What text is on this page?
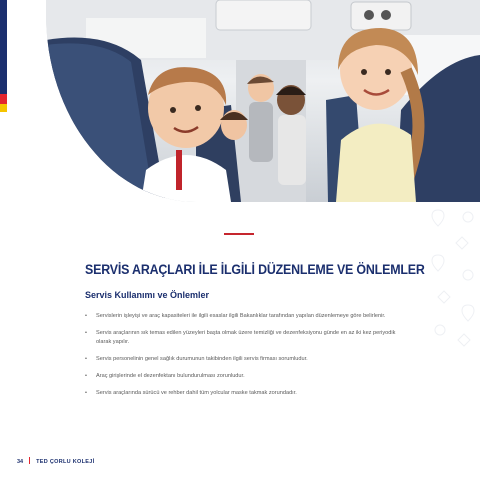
SERVİS ARAÇLARI İLE İLGİLİ DÜZENLEME VE ÖNLEMLER
Servis Kullanımı ve Önlemler
• Servislerin işleyişi ve araç kapasiteleri ile ilgili esaslar ilgili Bakanlıklar tarafından yapılan düzenlemeye göre belirlenir.
• Servis araçlarının sık temas edilen yüzeyleri başta olmak üzere temizliği ve dezenfeksiyonu günde en az iki kez periyodik olarak yapılır.
• Servis personelinin genel sağlık durumunun takibinden ilgili servis firması sorumludur.
• Araç girişlerinde el dezenfektanı bulundurulması zorunludur.
• Servis araçlarında sürücü ve rehber dahil tüm yolcular maske takmak zorundadır.
34 TED ÇORLU KOLEJİ
